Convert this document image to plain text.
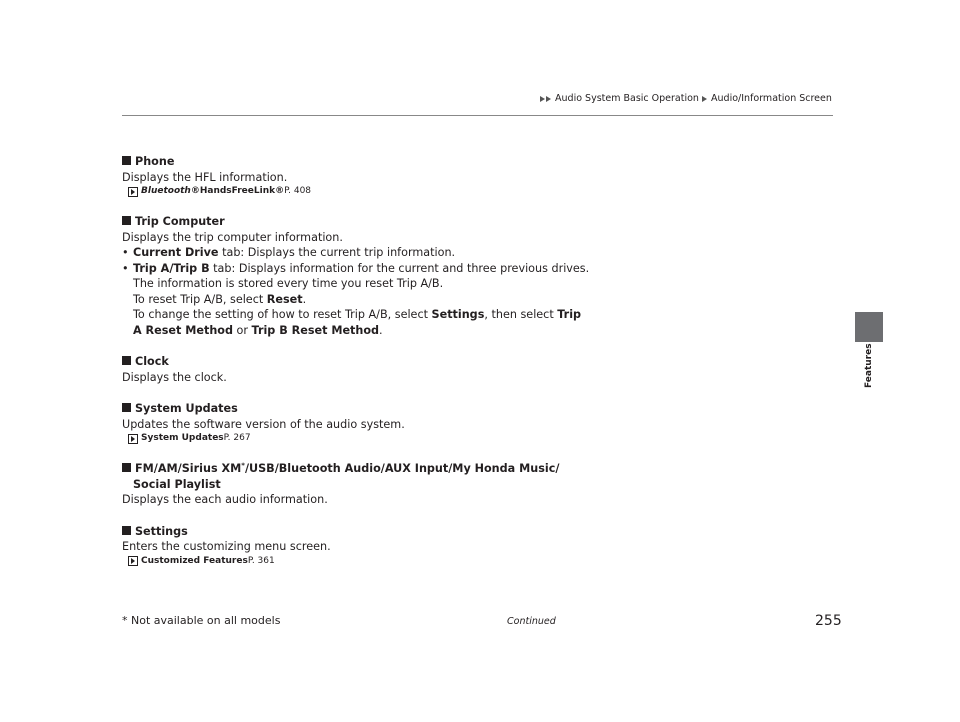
Audio System Basic Operation Audio/Information Screen
Features
Phone
Displays the HFL information.
Bluetooth ® HandsFreeLink ® P. 408
Trip Computer
Displays the trip computer information.
• Current Drive tab: Displays the current trip information.
• Trip A/Trip B tab: Displays information for the current and three previous drives.
The information is stored every time you reset Trip A/B.
To reset Trip A/B, select Reset.
To change the setting of how to reset Trip A/B, select Settings, then select Trip
A Reset Method or Trip B Reset Method.
Clock
Displays the clock.
System Updates
Updates the software version of the audio system.
System Updates P. 267
FM/AM/Sirius XM*/USB/Bluetooth Audio/AUX Input/My Honda Music/
Social Playlist
Displays the each audio information.
Settings
Enters the customizing menu screen.
Customized Features P. 361
* Not available on all models	Continued	255
